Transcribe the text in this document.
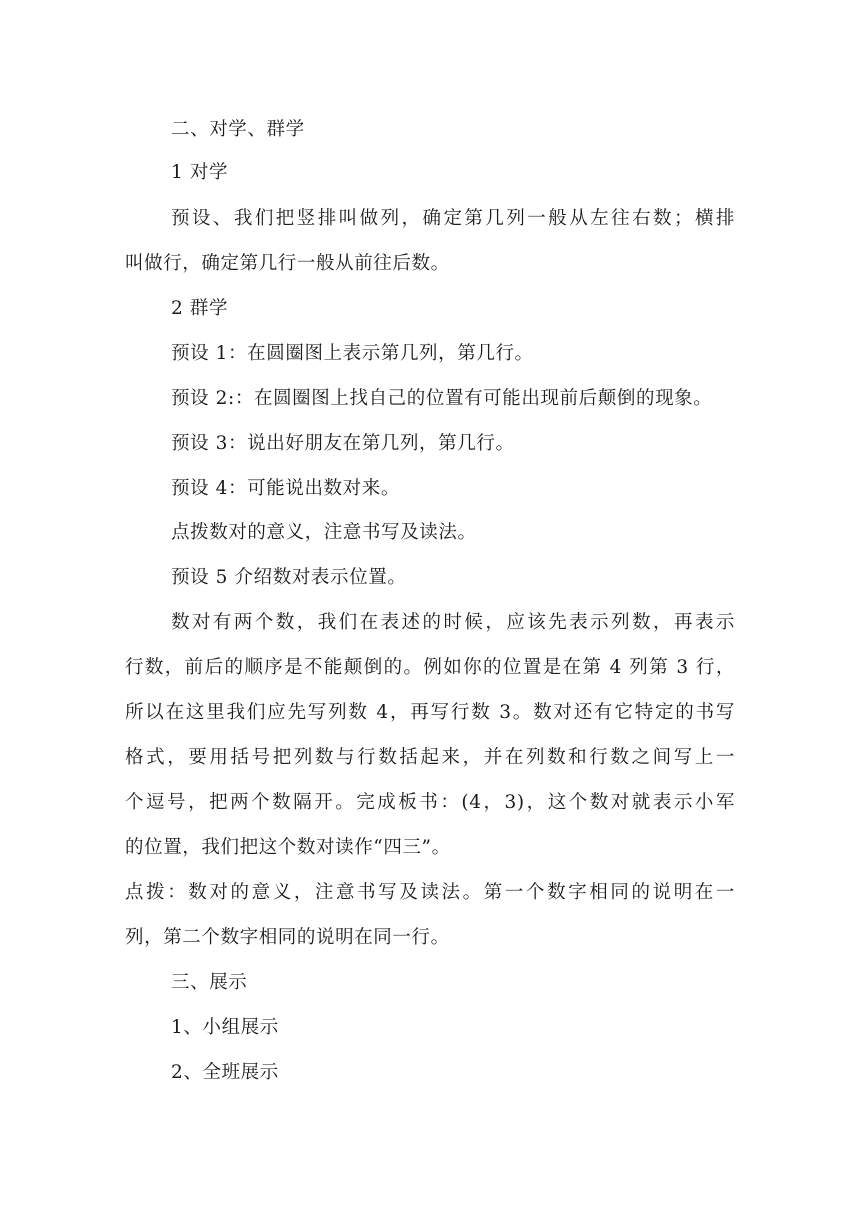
二、对学、群学
1 对学
预设、我们把竖排叫做列，确定第几列一般从左往右数；横排
叫做行，确定第几行一般从前往后数。
2 群学
预设 1：在圆圈图上表示第几列，第几行。
预设 2:：在圆圈图上找自己的位置有可能出现前后颠倒的现象。
预设 3：说出好朋友在第几列，第几行。
预设 4：可能说出数对来。
点拨数对的意义，注意书写及读法。
预设 5 介绍数对表示位置。
数对有两个数，我们在表述的时候，应该先表示列数，再表示
行数，前后的顺序是不能颠倒的。例如你的位置是在第 4 列第 3 行，
所以在这里我们应先写列数 4，再写行数 3。数对还有它特定的书写
格式，要用括号把列数与行数括起来，并在列数和行数之间写上一
个逗号，把两个数隔开。完成板书：(4，3)，这个数对就表示小军
的位置，我们把这个数对读作“四三”。
点拨：数对的意义，注意书写及读法。第一个数字相同的说明在一
列，第二个数字相同的说明在同一行。
三、展示
1、小组展示
2、全班展示
